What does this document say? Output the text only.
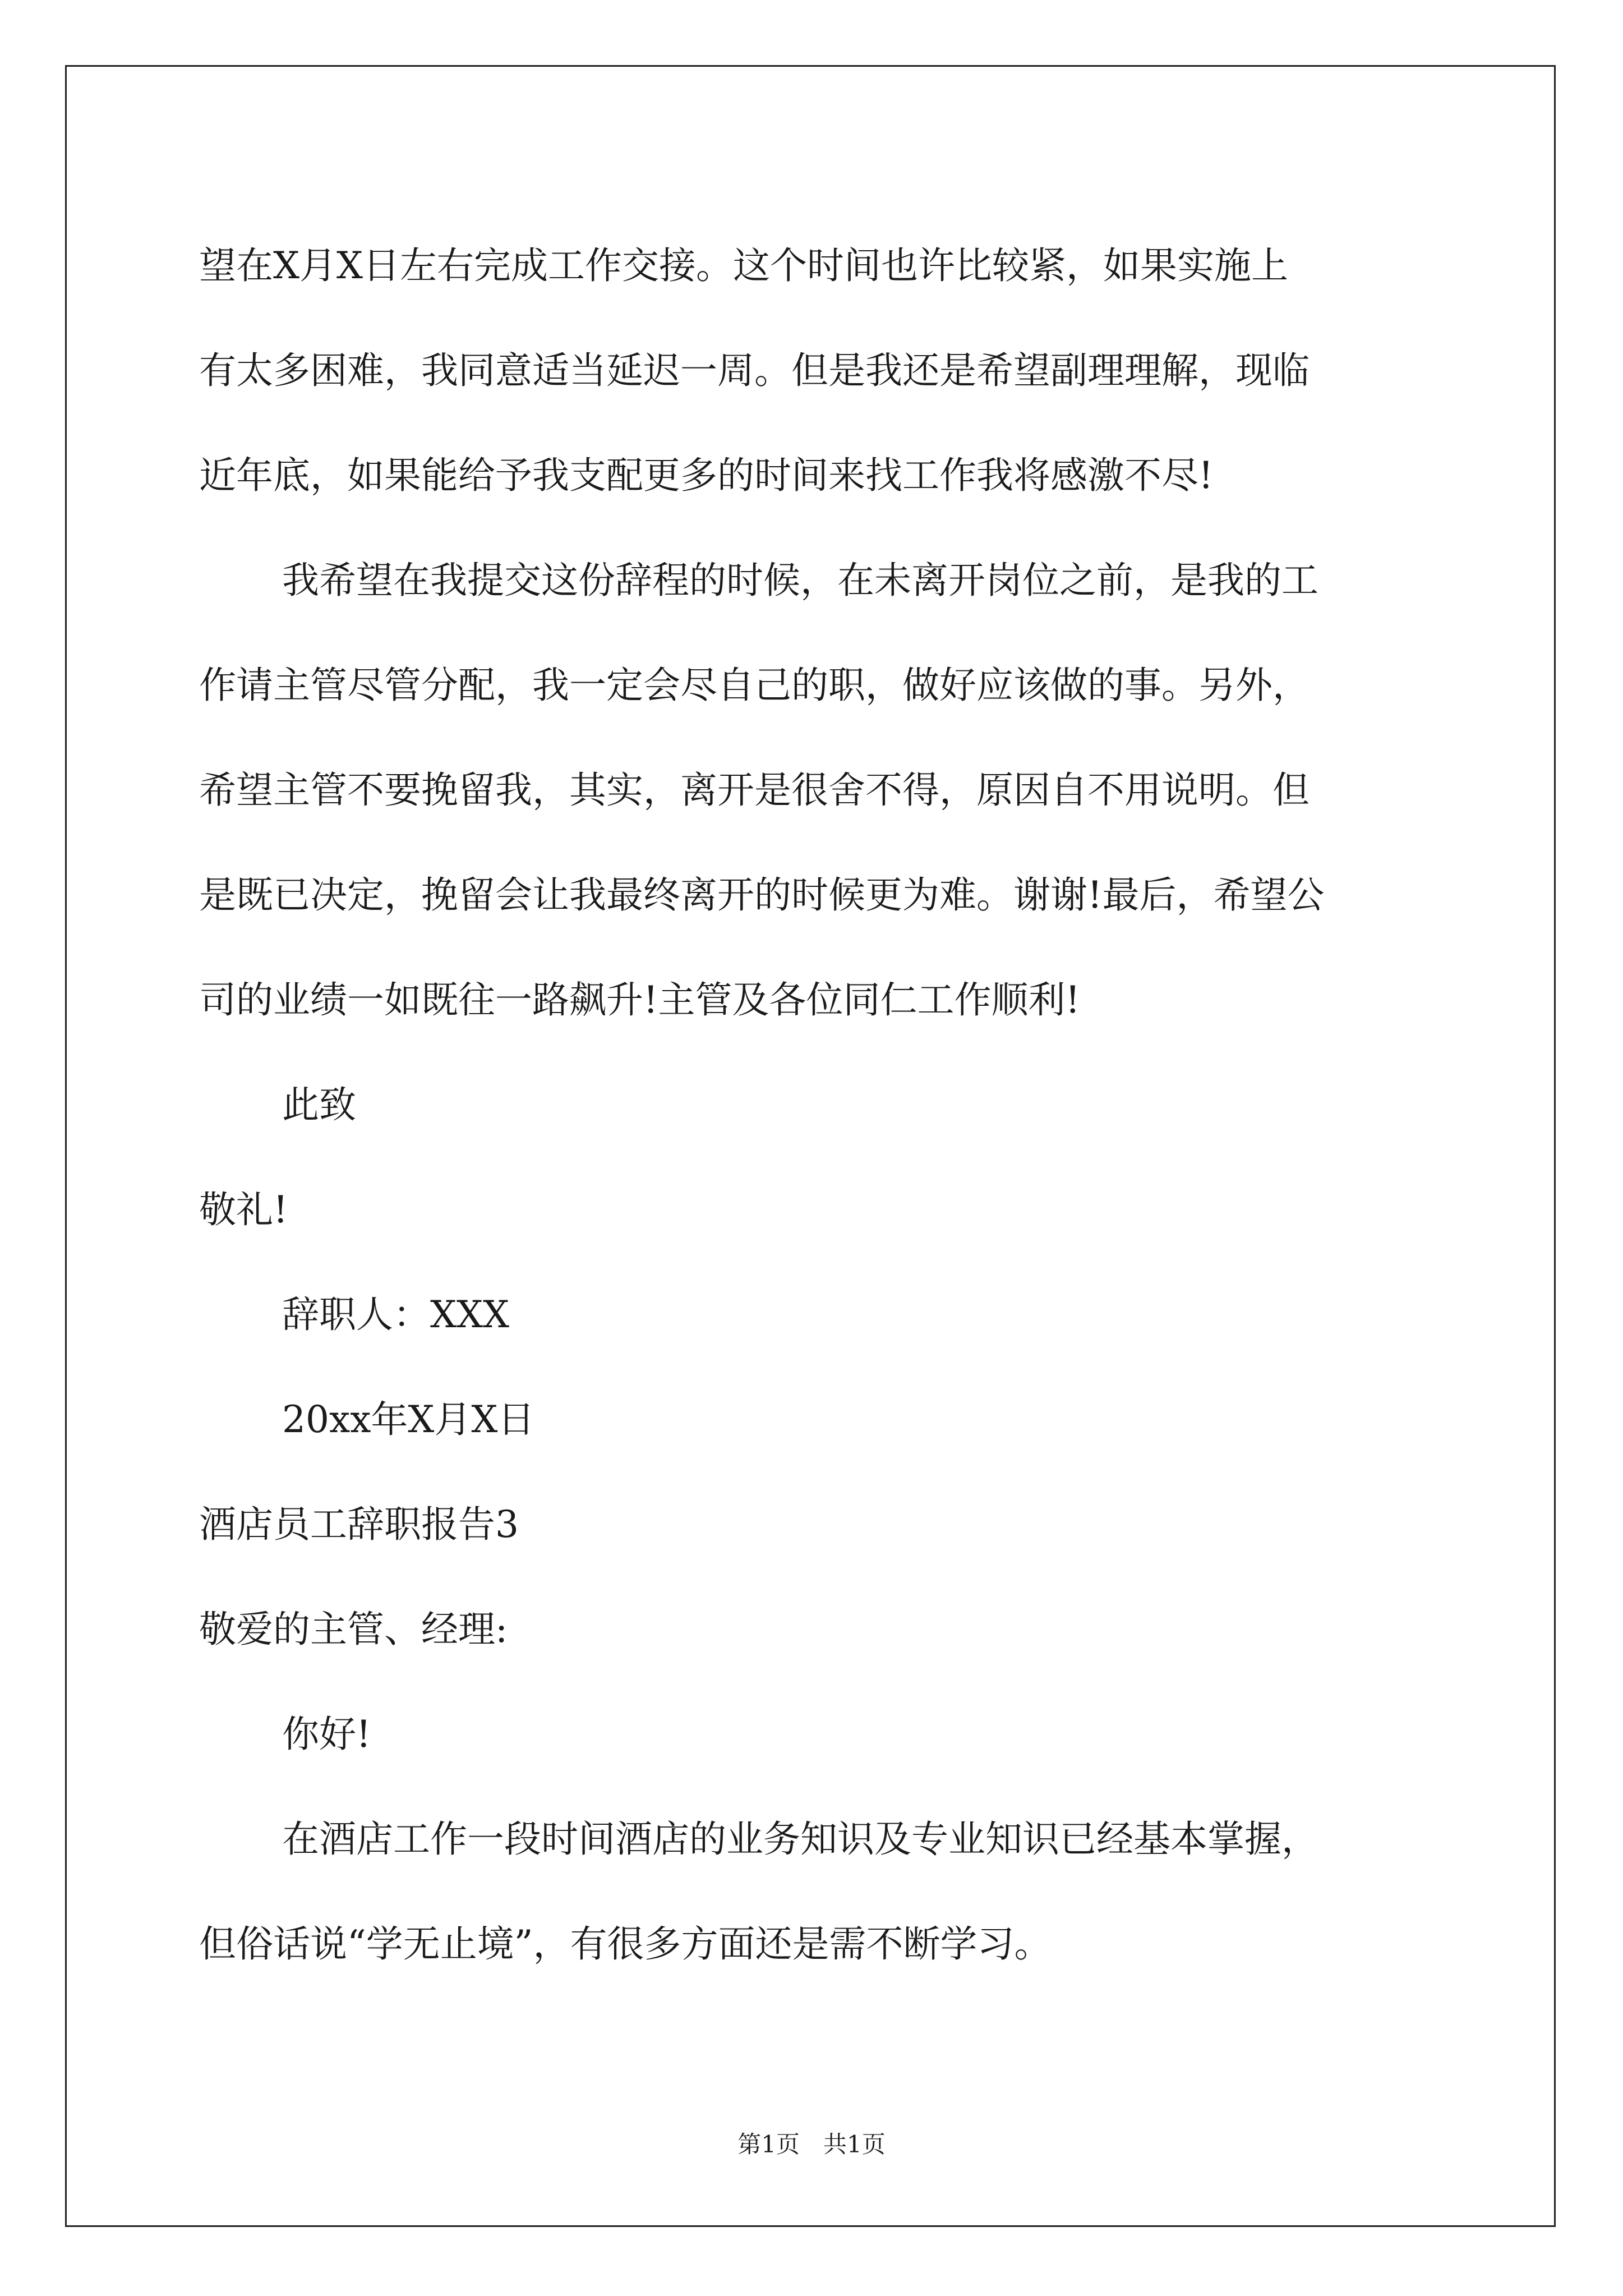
望在X月X日左右完成工作交接。这个时间也许比较紧，如果实施上
有太多困难，我同意适当延迟一周。但是我还是希望副理理解，现临
近年底，如果能给予我支配更多的时间来找工作我将感激不尽!
我希望在我提交这份辞程的时候，在未离开岗位之前，是我的工
作请主管尽管分配，我一定会尽自己的职，做好应该做的事。另外，
希望主管不要挽留我，其实，离开是很舍不得，原因自不用说明。但
是既已决定，挽留会让我最终离开的时候更为难。谢谢!最后，希望公
司的业绩一如既往一路飙升!主管及各位同仁工作顺利!
此致
敬礼!
辞职人：XXX
20xx年X月X日
酒店员工辞职报告3
敬爱的主管、经理:
你好!
在酒店工作一段时间酒店的业务知识及专业知识已经基本掌握，
但俗话说“学无止境”，有很多方面还是需不断学习。
第1页　共1页
